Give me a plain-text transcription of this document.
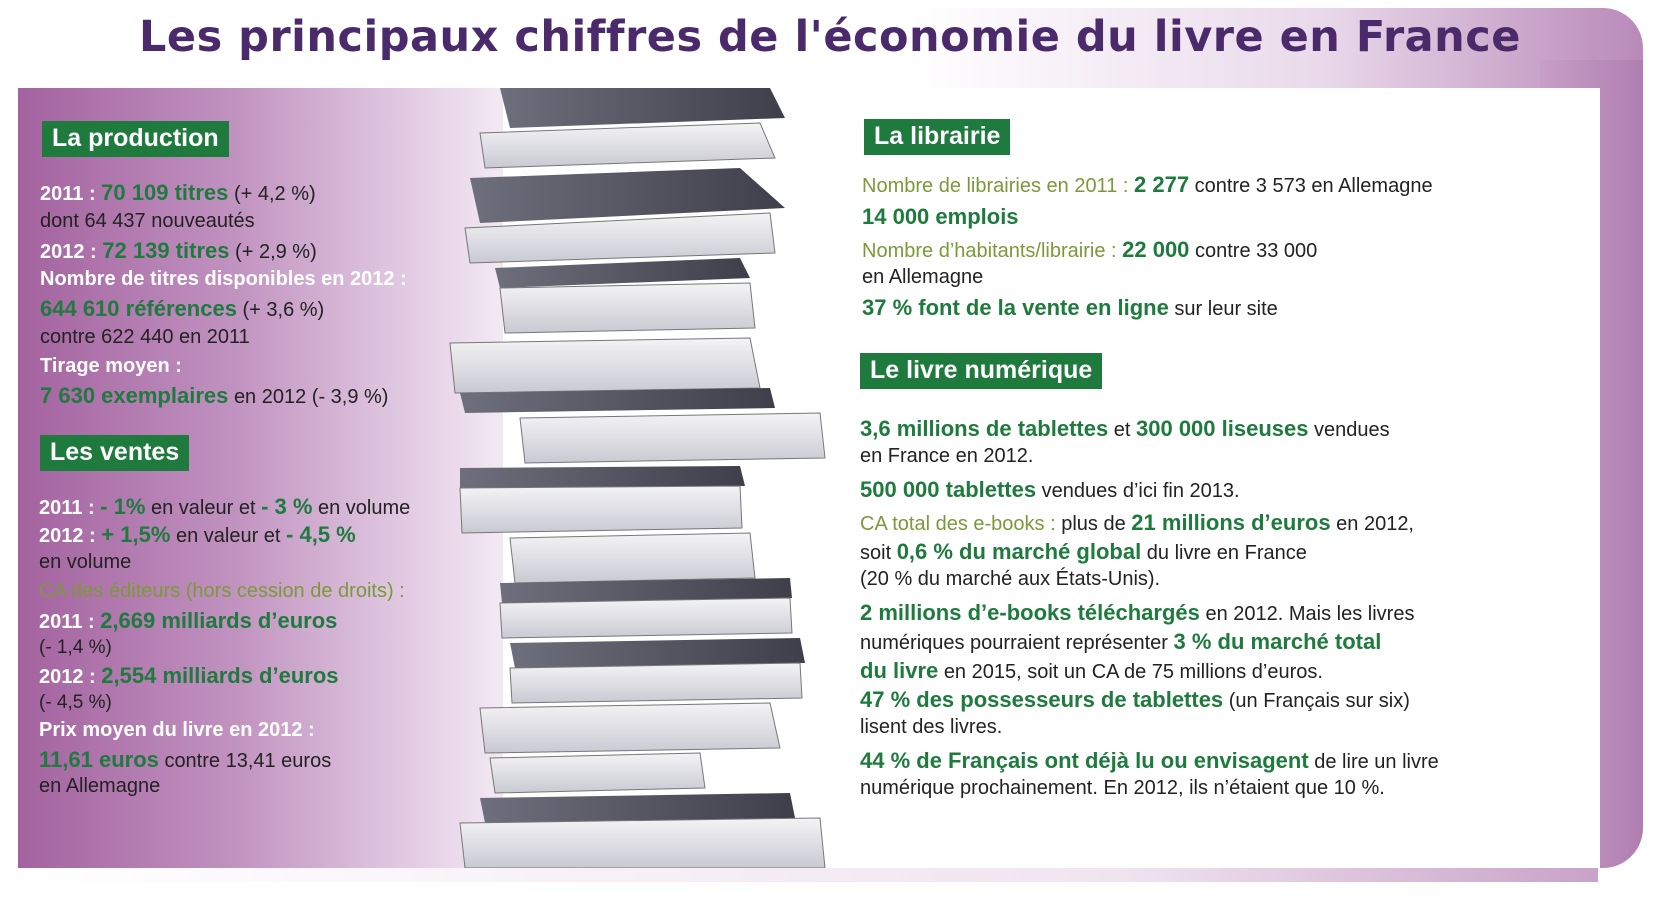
Les principaux chiffres de l'économie du livre en France
La production
Les ventes
La librairie
Le livre numérique
2011 : 70 109 titres (+ 4,2 %)
dont 64 437 nouveautés
2012 : 72 139 titres (+ 2,9 %)
Nombre de titres disponibles en 2012 :
644 610 références (+ 3,6 %)
contre 622 440 en 2011
Tirage moyen :
7 630 exemplaires en 2012 (- 3,9 %)
2011 : - 1% en valeur et - 3 % en volume
2012 : + 1,5% en valeur et - 4,5 %
en volume
CA des éditeurs (hors cession de droits) :
2011 : 2,669 milliards d’euros
(- 1,4 %)
2012 : 2,554 milliards d’euros
(- 4,5 %)
Prix moyen du livre en 2012 :
11,61 euros contre 13,41 euros
en Allemagne
Nombre de librairies en 2011 : 2 277 contre 3 573 en Allemagne
14 000 emplois
Nombre d’habitants/librairie : 22 000 contre 33 000
en Allemagne
37 % font de la vente en ligne sur leur site
3,6 millions de tablettes et 300 000 liseuses vendues
en France en 2012.
500 000 tablettes vendues d’ici fin 2013.
CA total des e-books : plus de 21 millions d’euros en 2012,
soit 0,6 % du marché global du livre en France
(20 % du marché aux États-Unis).
2 millions d’e-books téléchargés en 2012. Mais les livres
numériques pourraient représenter 3 % du marché total
du livre en 2015, soit un CA de 75 millions d’euros.
47 % des possesseurs de tablettes (un Français sur six)
lisent des livres.
44 % de Français ont déjà lu ou envisagent de lire un livre
numérique prochainement. En 2012, ils n’étaient que 10 %.
